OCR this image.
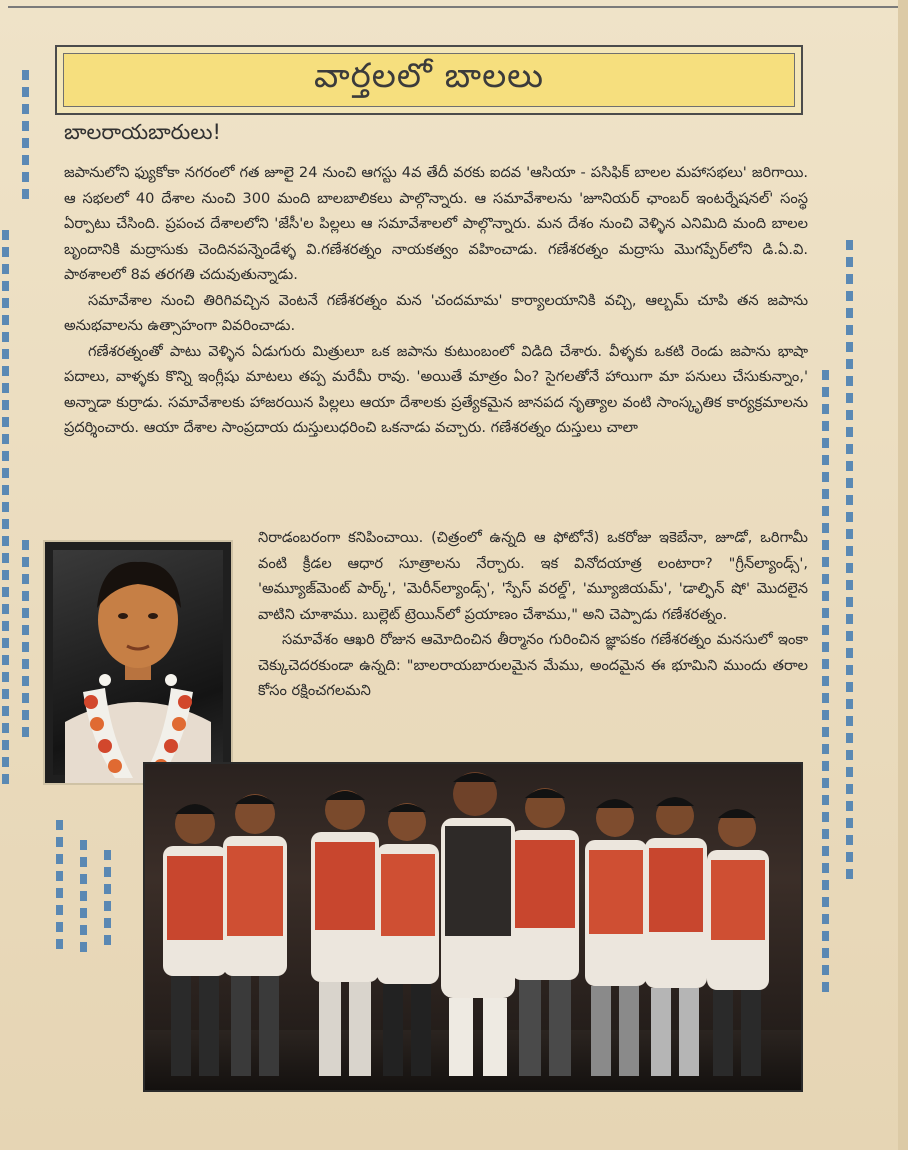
వార్తలలో బాలలు
బాలరాయబారులు!

జపానులోని ఫ్యుకోకా నగరంలో గత జూలై 24 నుంచి ఆగస్టు 4వ తేదీ వరకు ఐదవ 'ఆసియా - పసిఫిక్ బాలల మహాసభలు' జరిగాయి. ఆ సభలలో 40 దేశాల నుంచి 300 మంది బాలబాలికలు పాల్గొన్నారు. ఆ సమావేశాలను 'జూనియర్ ఛాంబర్ ఇంటర్నేషనల్' సంస్థ ఏర్పాటు చేసింది. ప్రపంచ దేశాలలోని 'జేసీ'ల పిల్లలు ఆ సమావేశాలలో పాల్గొన్నారు. మన దేశం నుంచి వెళ్ళిన ఎనిమిది మంది బాలల బృందానికి మద్రాసుకు చెందినపన్నెండేళ్ళ వి.గణేశరత్నం నాయకత్వం వహించాడు. గణేశరత్నం మద్రాసు మొగప్పేర్‌లోని డి.ఏ.వి. పాఠశాలలో 8వ తరగతి చదువుతున్నాడు.

సమావేశాల నుంచి తిరిగివచ్చిన వెంటనే గణేశరత్నం మన 'చందమామ' కార్యాలయానికి వచ్చి, ఆల్బమ్ చూపి తన జపాను అనుభవాలను ఉత్సాహంగా వివరించాడు.

గణేశరత్నంతో పాటు వెళ్ళిన ఏడుగురు మిత్రులూ ఒక జపాను కుటుంబంలో విడిది చేశారు. వీళ్ళకు ఒకటి రెండు జపాను భాషా పదాలు, వాళ్ళకు కొన్ని ఇంగ్లీషు మాటలు తప్ప మరేమీ రావు. 'అయితే మాత్రం ఏం? సైగలతోనే హాయిగా మా పనులు చేసుకున్నాం,' అన్నాడా కుర్రాడు. సమావేశాలకు హాజరయిన పిల్లలు ఆయా దేశాలకు ప్రత్యేకమైన జానపద నృత్యాల వంటి సాంస్కృతిక కార్యక్రమాలను ప్రదర్శించారు. ఆయా దేశాల సాంప్రదాయ దుస్తులుధరించి ఒకనాడు వచ్చారు. గణేశరత్నం దుస్తులు చాలా

నిరాడంబరంగా కనిపించాయి. (చిత్రంలో ఉన్నది ఆ ఫోటోనే) ఒకరోజు ఇకెబేనా, జూడో, ఒరిగామీ వంటి క్రీడల ఆధార సూత్రాలను నేర్చారు. ఇక వినోదయాత్ర లంటారా? "గ్రీన్‌ల్యాండ్స్', 'అమ్యూజ్‌మెంట్ పార్క్', 'మెరీన్‌ల్యాండ్స్', 'స్పేస్ వరల్డ్', 'మ్యూజియమ్', 'డాల్ఫిన్ షో' మొదలైన వాటిని చూశాము. బుల్లెట్ ట్రెయిన్‌లో ప్రయాణం చేశాము," అని చెప్పాడు గణేశరత్నం.

సమావేశం ఆఖరి రోజున ఆమోదించిన తీర్మానం గురించిన జ్ఞాపకం గణేశరత్నం మనసులో ఇంకా చెక్కుచెదరకుండా ఉన్నది: "బాలరాయబారులమైన మేము, అందమైన ఈ భూమిని ముందు తరాల కోసం రక్షించగలమని
